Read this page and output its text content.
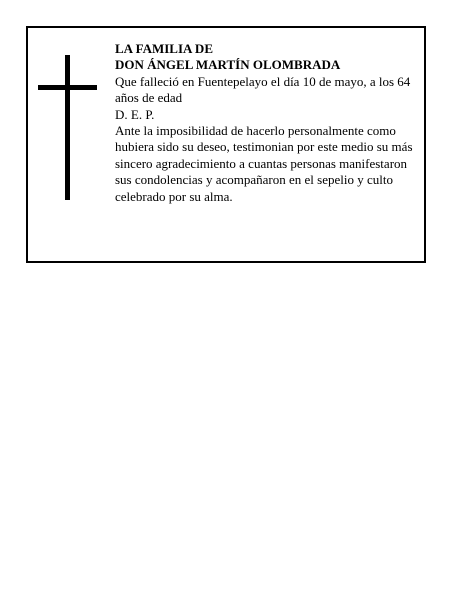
LA FAMILIA DE

DON ÁNGEL MARTÍN OLOMBRADA

Que falleció en Fuentepelayo el día 10 de mayo, a los 64 años de edad

D. E. P.

Ante la imposibilidad de hacerlo personalmente como hubiera sido su deseo, testimonian por este medio su más sincero agradecimiento a cuantas personas manifestaron sus condolencias y acompañaron en el sepelio y culto celebrado por su alma.
